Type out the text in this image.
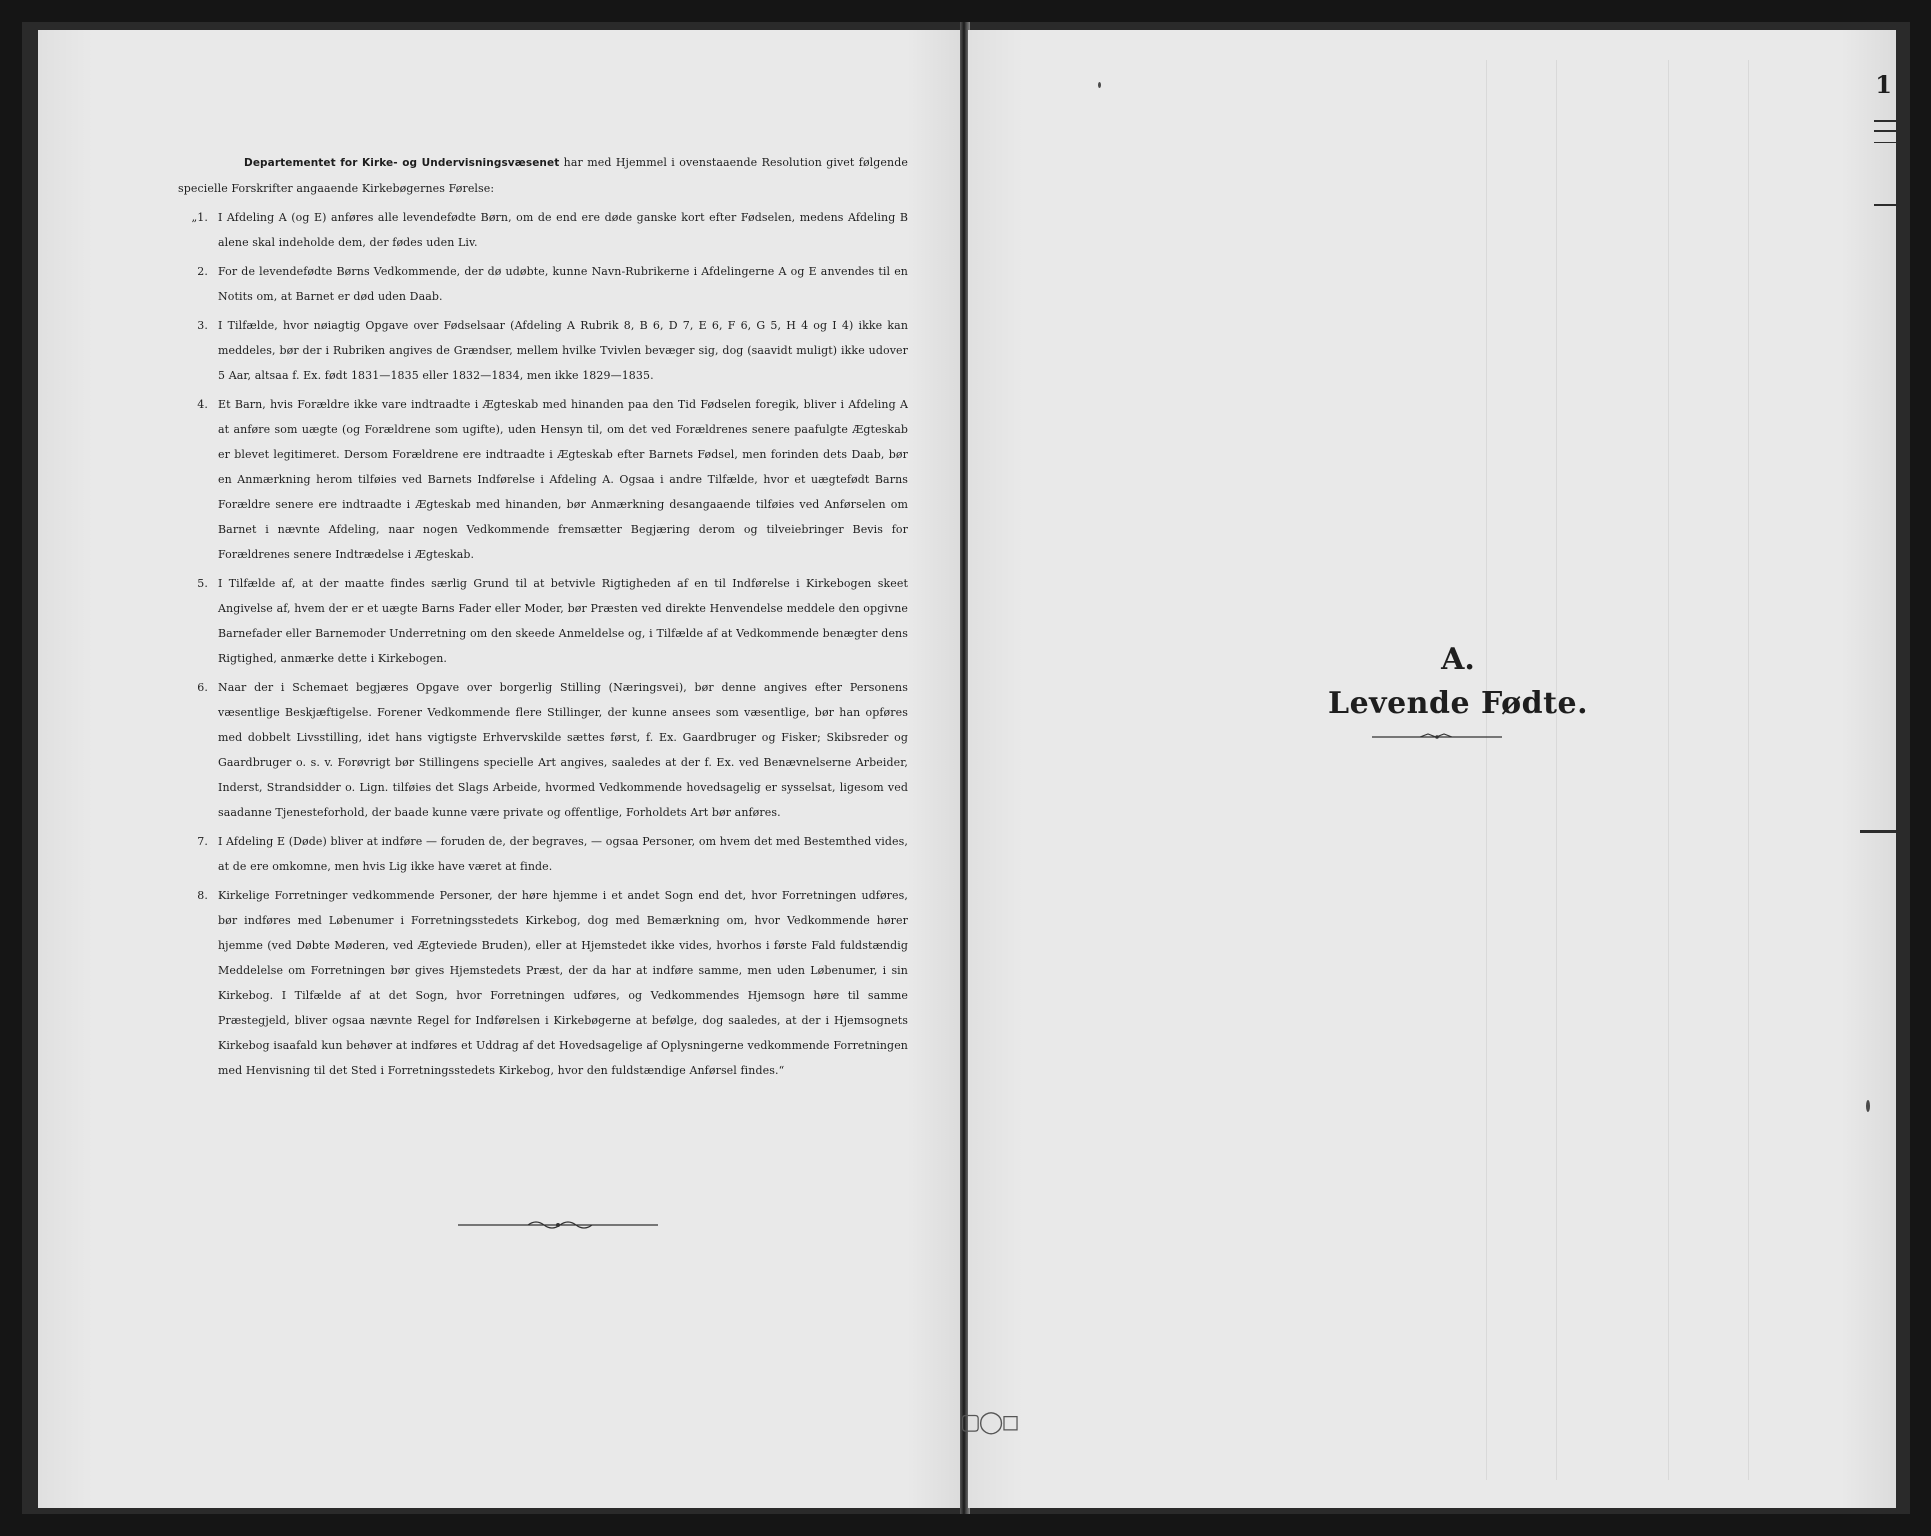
Departementet for Kirke- og Undervisningsvæsenet har med Hjemmel i ovenstaaende Resolution givet følgende specielle Forskrifter angaaende Kirkebøgernes Førelse:

„1. I Afdeling A (og E) anføres alle levendefødte Børn, om de end ere døde ganske kort efter Fødselen, medens Afdeling B alene skal indeholde dem, der fødes uden Liv.
2. For de levendefødte Børns Vedkommende, der dø udøbte, kunne Navn-Rubrikerne i Afdelingerne A og E anvendes til en Notits om, at Barnet er død uden Daab.
3. I Tilfælde, hvor nøiagtig Opgave over Fødselsaar (Afdeling A Rubrik 8, B 6, D 7, E 6, F 6, G 5, H 4 og I 4) ikke kan meddeles, bør der i Rubriken angives de Grændser, mellem hvilke Tvivlen bevæger sig, dog (saavidt muligt) ikke udover 5 Aar, altsaa f. Ex. født 1831—1835 eller 1832—1834, men ikke 1829—1835.
4. Et Barn, hvis Forældre ikke vare indtraadte i Ægteskab med hinanden paa den Tid Fødselen foregik, bliver i Afdeling A at anføre som uægte (og Forældrene som ugifte), uden Hensyn til, om det ved Forældrenes senere paafulgte Ægteskab er blevet legitimeret. Dersom Forældrene ere indtraadte i Ægteskab efter Barnets Fødsel, men forinden dets Daab, bør en Anmærkning herom tilføies ved Barnets Indførelse i Afdeling A. Ogsaa i andre Tilfælde, hvor et uægtefødt Barns Forældre senere ere indtraadte i Ægteskab med hinanden, bør Anmærkning desangaaende tilføies ved Anførselen om Barnet i nævnte Afdeling, naar nogen Vedkommende fremsætter Begjæring derom og tilveiebringer Bevis for Forældrenes senere Indtrædelse i Ægteskab.
5. I Tilfælde af, at der maatte findes særlig Grund til at betvivle Rigtigheden af en til Indførelse i Kirkebogen skeet Angivelse af, hvem der er et uægte Barns Fader eller Moder, bør Præsten ved direkte Henvendelse meddele den opgivne Barnefader eller Barnemoder Underretning om den skeede Anmeldelse og, i Tilfælde af at Vedkommende benægter dens Rigtighed, anmærke dette i Kirkebogen.
6. Naar der i Schemaet begjæres Opgave over borgerlig Stilling (Næringsvei), bør denne angives efter Personens væsentlige Beskjæftigelse. Forener Vedkommende flere Stillinger, der kunne ansees som væsentlige, bør han opføres med dobbelt Livsstilling, idet hans vigtigste Erhvervskilde sættes først, f. Ex. Gaardbruger og Fisker; Skibsreder og Gaardbruger o. s. v. Forøvrigt bør Stillingens specielle Art angives, saaledes at der f. Ex. ved Benævnelserne Arbeider, Inderst, Strandsidder o. Lign. tilføies det Slags Arbeide, hvormed Vedkommende hovedsagelig er sysselsat, ligesom ved saadanne Tjenesteforhold, der baade kunne være private og offentlige, Forholdets Art bør anføres.
7. I Afdeling E (Døde) bliver at indføre — foruden de, der begraves, — ogsaa Personer, om hvem det med Bestemthed vides, at de ere omkomne, men hvis Lig ikke have været at finde.
8. Kirkelige Forretninger vedkommende Personer, der høre hjemme i et andet Sogn end det, hvor Forretningen udføres, bør indføres med Løbenumer i Forretningsstedets Kirkebog, dog med Bemærkning om, hvor Vedkommende hører hjemme (ved Døbte Møderen, ved Ægteviede Bruden), eller at Hjemstedet ikke vides, hvorhos i første Fald fuldstændig Meddelelse om Forretningen bør gives Hjemstedets Præst, der da har at indføre samme, men uden Løbenumer, i sin Kirkebog. I Tilfælde af at det Sogn, hvor Forretningen udføres, og Vedkommendes Hjemsogn høre til samme Præstegjeld, bliver ogsaa nævnte Regel for Indførelsen i Kirkebøgerne at befølge, dog saaledes, at der i Hjemsognets Kirkebog isaafald kun behøver at indføres et Uddrag af det Hovedsagelige af Oplysningerne vedkommende Forretningen med Henvisning til det Sted i Forretningsstedets Kirkebog, hvor den fuldstændige Anførsel findes.“
1
A.
Levende Fødte.
▢◯◻
